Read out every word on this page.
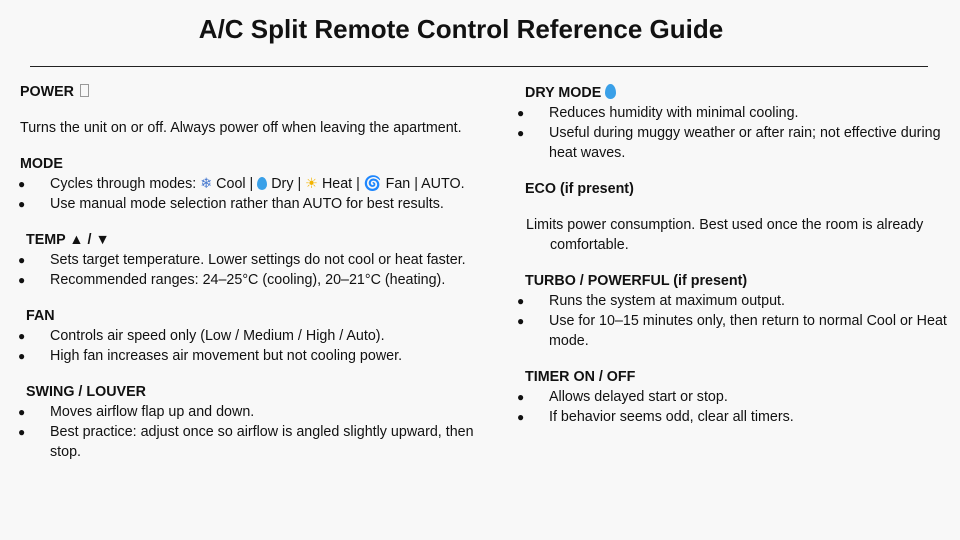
A/C Split Remote Control Reference Guide

POWER

Turns the unit on or off. Always power off when leaving the apartment.

MODE

● Cycles through modes: ❄ Cool | Dry | ☀ Heat | 🌀 Fan | AUTO.
● Use manual mode selection rather than AUTO for best results.

TEMP ▲ / ▼

● Sets target temperature. Lower settings do not cool or heat faster.
● Recommended ranges: 24–25°C (cooling), 20–21°C (heating).

FAN

● Controls air speed only (Low / Medium / High / Auto).
● High fan increases air movement but not cooling power.

SWING / LOUVER

● Moves airflow flap up and down.
● Best practice: adjust once so airflow is angled slightly upward, then stop.

DRY MODE

● Reduces humidity with minimal cooling.
● Useful during muggy weather or after rain; not effective during heat waves.

ECO (if present)

Limits power consumption. Best used once the room is already comfortable.

TURBO / POWERFUL (if present)

● Runs the system at maximum output.
● Use for 10–15 minutes only, then return to normal Cool or Heat mode.

TIMER ON / OFF

● Allows delayed start or stop.
● If behavior seems odd, clear all timers.
